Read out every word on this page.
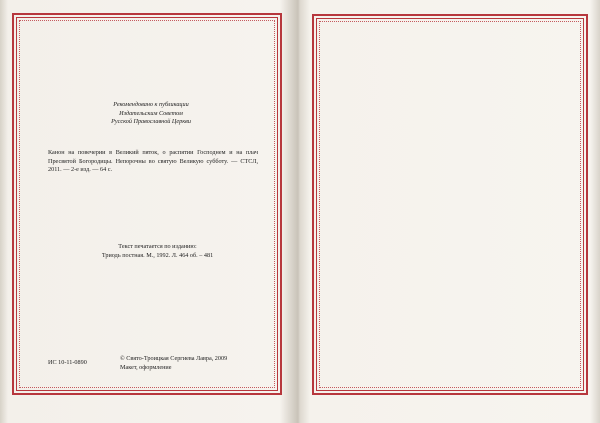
Рекомендовано к публикации
Издательским Советом
Русской Православной Церкви
Канон на повечерии в Великий пяток, о распятии Господнем и на плач Пресвятой Богородицы. Непорочны во святую Великую субботу. — СТСЛ, 2011. — 2-е изд. — 64 с.
Текст печатается по изданию:
Триодь постная. М., 1992. Л. 464 об. – 481
ИС 10-11-0890
© Свято-Троицкая Сергиева Лавра, 2009
Макет, оформление
